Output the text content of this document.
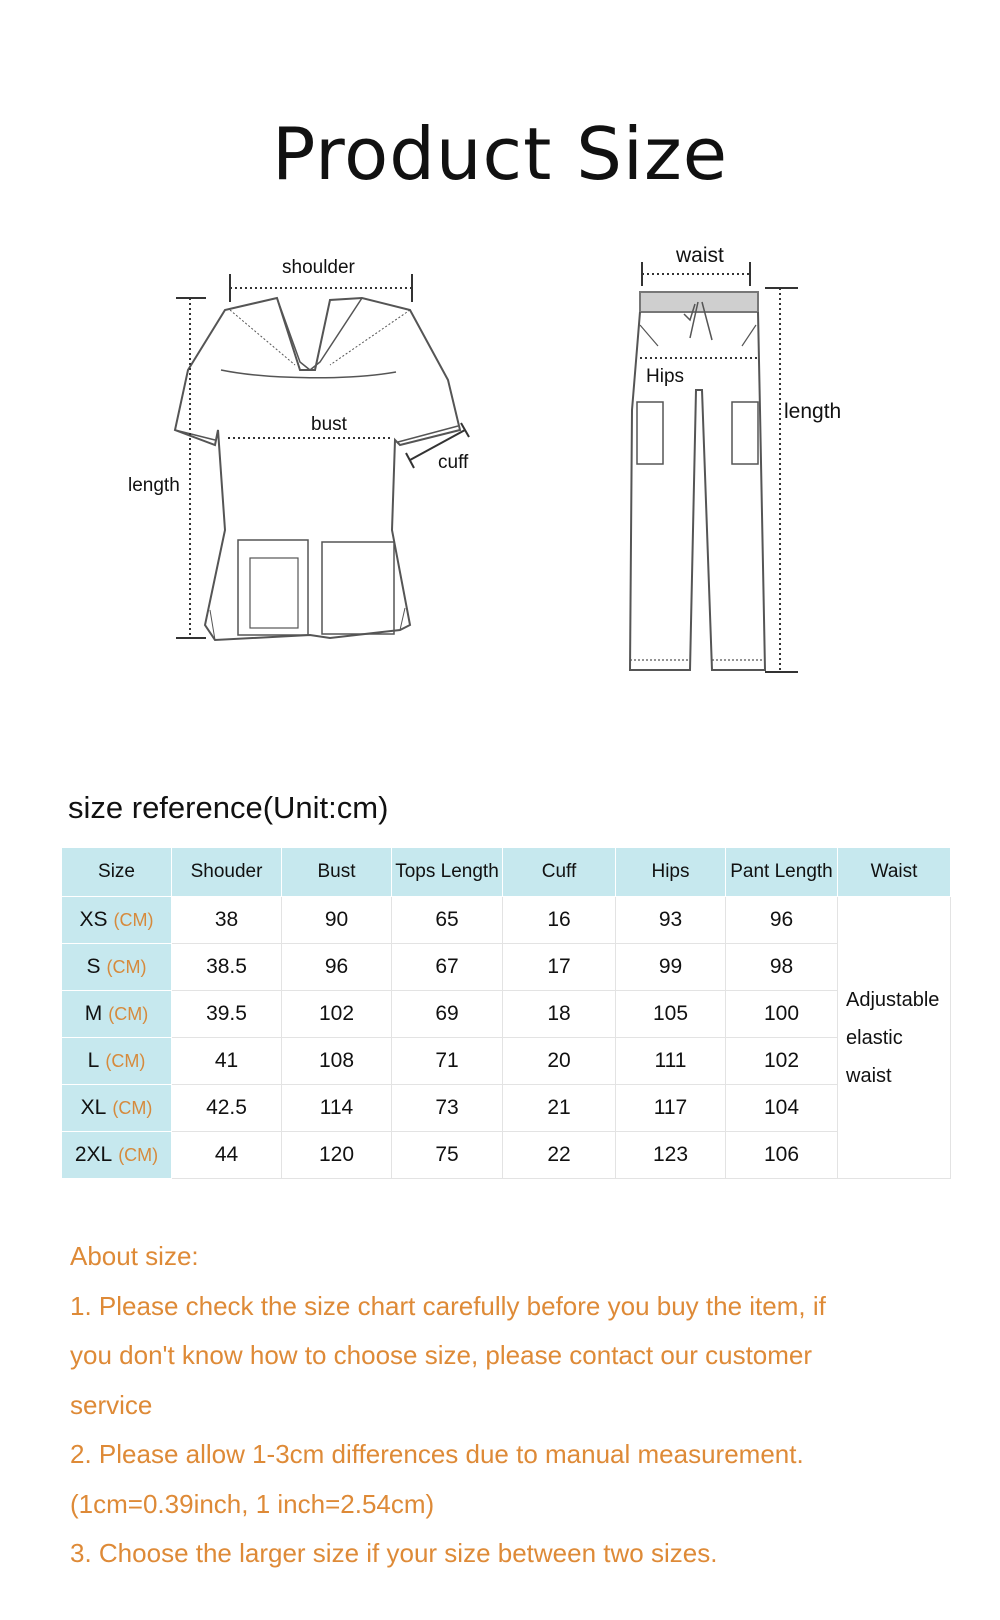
Product Size
shoulder
bust
cuff
length
waist
Hips
length
size reference(Unit:cm)
Size	Shouder	Bust	Tops Length	Cuff	Hips	Pant Length	Waist
XS (CM)	38	90	65	16	93	96	Adjustable
elastic
waist

S (CM)	38.5	96	67	17	99	98	
M (CM)	39.5	102	69	18	105	100	
L (CM)	41	108	71	20	111	102	
XL (CM)	42.5	114	73	21	117	104	
2XL (CM)	44	120	75	22	123	106	
About size:
1. Please check the size chart carefully before you buy the item, if
you don't know how to choose size, please contact our customer
service
2. Please allow 1-3cm differences due to manual measurement.
(1cm=0.39inch, 1 inch=2.54cm)
3. Choose the larger size if your size between two sizes.
